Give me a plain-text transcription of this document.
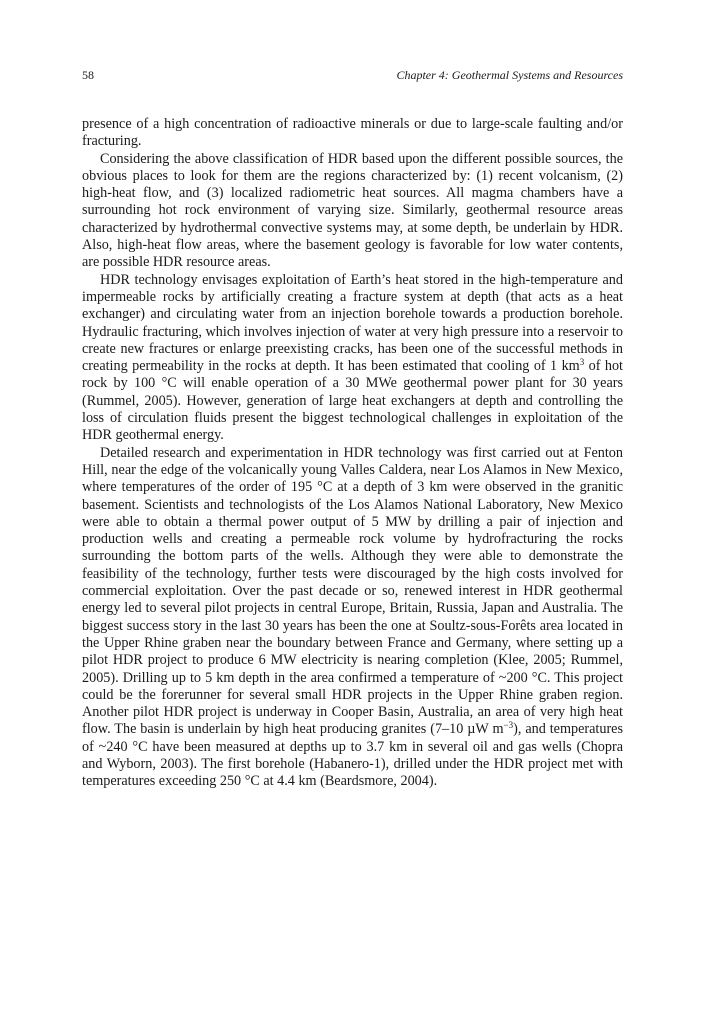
58	Chapter 4: Geothermal Systems and Resources

presence of a high concentration of radioactive minerals or due to large-scale faulting and/or fracturing.

Considering the above classification of HDR based upon the different possible sources, the obvious places to look for them are the regions characterized by: (1) recent volcanism, (2) high-heat flow, and (3) localized radiometric heat sources. All magma chambers have a surrounding hot rock environment of varying size. Similarly, geothermal resource areas characterized by hydrothermal convective systems may, at some depth, be underlain by HDR. Also, high-heat flow areas, where the basement geology is favorable for low water contents, are possible HDR resource areas.

HDR technology envisages exploitation of Earth’s heat stored in the high-temperature and impermeable rocks by artificially creating a fracture system at depth (that acts as a heat exchanger) and circulating water from an injection borehole towards a production borehole. Hydraulic fracturing, which involves injection of water at very high pressure into a reservoir to create new fractures or enlarge preexisting cracks, has been one of the successful methods in creating permeability in the rocks at depth. It has been estimated that cooling of 1 $km^3$ of hot rock by 100 °C will enable operation of a 30 MWe geothermal power plant for 30 years (Rummel, 2005). However, generation of large heat exchangers at depth and controlling the loss of circulation fluids present the biggest technological challenges in exploitation of the HDR geothermal energy.

Detailed research and experimentation in HDR technology was first carried out at Fenton Hill, near the edge of the volcanically young Valles Caldera, near Los Alamos in New Mexico, where temperatures of the order of 195 °C at a depth of 3 km were observed in the granitic basement. Scientists and technologists of the Los Alamos National Laboratory, New Mexico were able to obtain a thermal power output of 5 MW by drilling a pair of injection and production wells and creating a permeable rock volume by hydrofracturing the rocks surrounding the bottom parts of the wells. Although they were able to demonstrate the feasibility of the technology, further tests were discouraged by the high costs involved for commercial exploitation. Over the past decade or so, renewed interest in HDR geothermal energy led to several pilot projects in central Europe, Britain, Russia, Japan and Australia. The biggest success story in the last 30 years has been the one at Soultz-sous-Forêts area located in the Upper Rhine graben near the boundary between France and Germany, where setting up a pilot HDR project to produce 6 MW electricity is nearing completion (Klee, 2005; Rummel, 2005). Drilling up to 5 km depth in the area confirmed a temperature of ~200 °C. This project could be the forerunner for several small HDR projects in the Upper Rhine graben region. Another pilot HDR project is underway in Cooper Basin, Australia, an area of very high heat flow. The basin is underlain by high heat producing granites (7–10 µW $m^{-3}$), and temperatures of ~240 °C have been measured at depths up to 3.7 km in several oil and gas wells (Chopra and Wyborn, 2003). The first borehole (Habanero-1), drilled under the HDR project met with temperatures exceeding 250 °C at 4.4 km (Beardsmore, 2004).
